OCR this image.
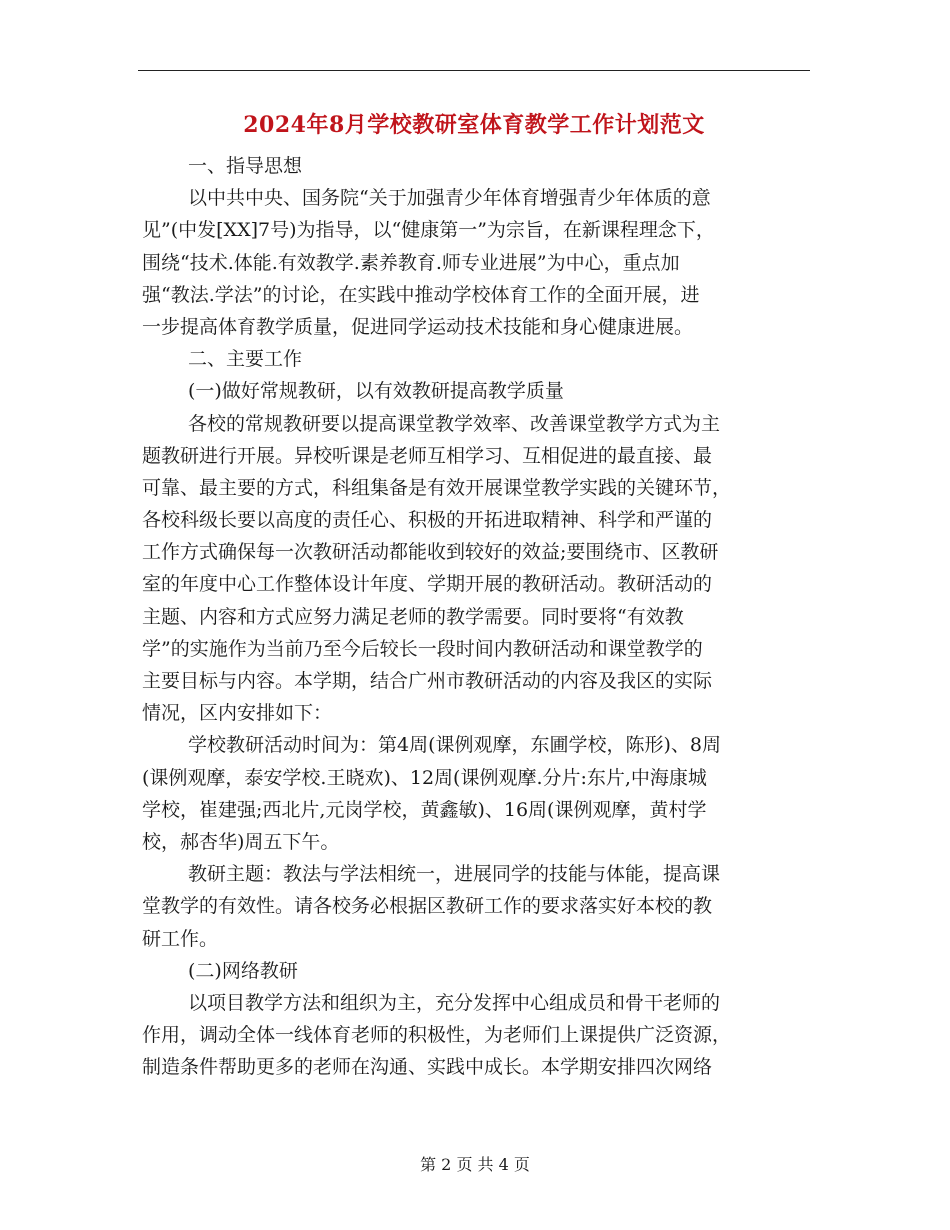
2024年8月学校教研室体育教学工作计划范文
一、指导思想
以中共中央、国务院“关于加强青少年体育增强青少年体质的意
见”(中发[XX]7号)为指导，以“健康第一”为宗旨，在新课程理念下，
围绕“技术.体能.有效教学.素养教育.师专业进展”为中心，重点加
强“教法.学法”的讨论，在实践中推动学校体育工作的全面开展，进
一步提高体育教学质量，促进同学运动技术技能和身心健康进展。
二、主要工作
(一)做好常规教研，以有效教研提高教学质量
各校的常规教研要以提高课堂教学效率、改善课堂教学方式为主
题教研进行开展。异校听课是老师互相学习、互相促进的最直接、最
可靠、最主要的方式，科组集备是有效开展课堂教学实践的关键环节，
各校科级长要以高度的责任心、积极的开拓进取精神、科学和严谨的
工作方式确保每一次教研活动都能收到较好的效益;要围绕市、区教研
室的年度中心工作整体设计年度、学期开展的教研活动。教研活动的
主题、内容和方式应努力满足老师的教学需要。同时要将“有效教
学”的实施作为当前乃至今后较长一段时间内教研活动和课堂教学的
主要目标与内容。本学期，结合广州市教研活动的内容及我区的实际
情况，区内安排如下：
学校教研活动时间为：第4周(课例观摩，东圃学校，陈形)、8周
(课例观摩，泰安学校.王晓欢)、12周(课例观摩.分片:东片,中海康城
学校，崔建强;西北片,元岗学校，黄鑫敏)、16周(课例观摩，黄村学
校，郝杏华)周五下午。
教研主题：教法与学法相统一，进展同学的技能与体能，提高课
堂教学的有效性。请各校务必根据区教研工作的要求落实好本校的教
研工作。
(二)网络教研
以项目教学方法和组织为主，充分发挥中心组成员和骨干老师的
作用，调动全体一线体育老师的积极性，为老师们上课提供广泛资源，
制造条件帮助更多的老师在沟通、实践中成长。本学期安排四次网络
第 2 页 共 4 页
